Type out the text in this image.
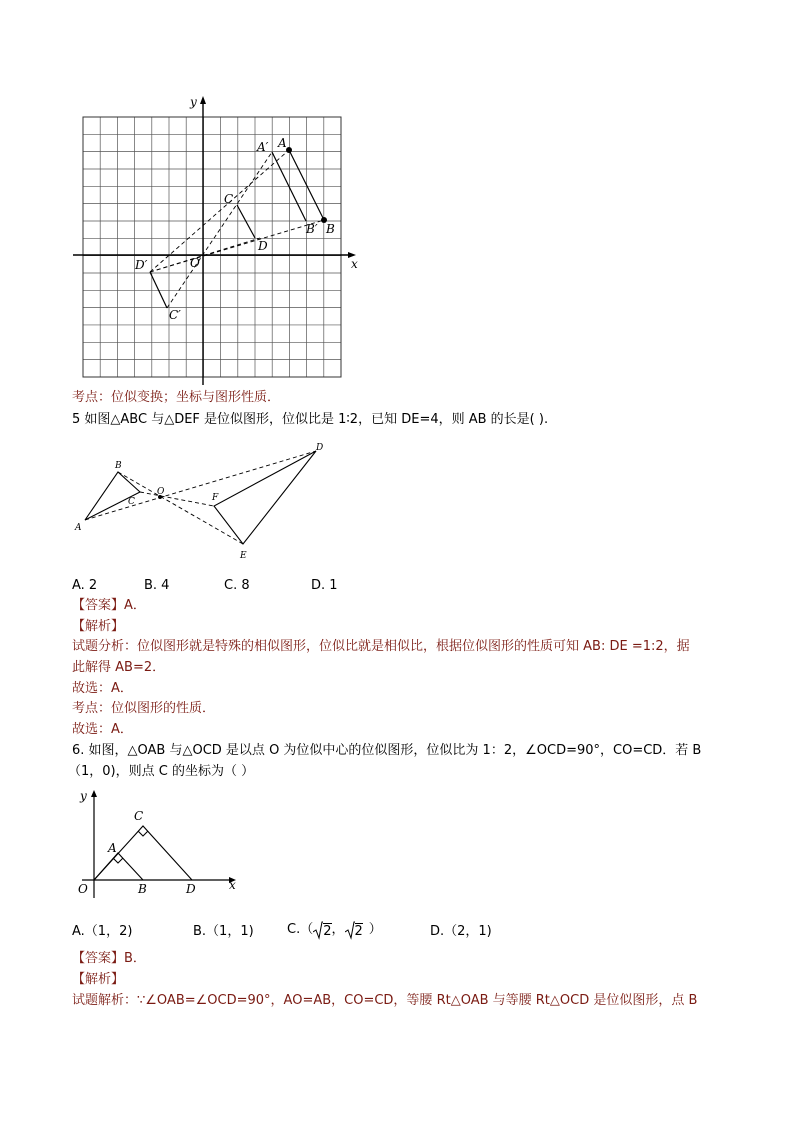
y
x
A′ A
C
D
B′ B
D′	O
C′
考点：位似变换；坐标与图形性质．
5 如图△ABC 与△DEF 是位似图形，位似比是 1∶2，已知 DE=4，则 AB 的长是( ).
A
B
C
O
D
E
F
A. 2	B. 4	C. 8	D. 1
【答案】A．
【解析】
试题分析：位似图形就是特殊的相似图形，位似比就是相似比，根据位似图形的性质可知 AB: DE =1:2，据
此解得 AB=2．
故选：A．
考点：位似图形的性质．
故选：A．
6. 如图，△OAB 与△OCD 是以点 O 为位似中心的位似图形，位似比为 1：2，∠OCD=90°，CO=CD．若 B
（1，0)，则点 C 的坐标为（ ）
y
x
O
A
B
C
D
A.（1，2)	B.（1，1)	C.（ 2 ， 2 ）	D.（2，1)
【答案】B．
【解析】
试题解析：∵∠OAB=∠OCD=90°，AO=AB，CO=CD，等腰 Rt△OAB 与等腰 Rt△OCD 是位似图形，点 B
